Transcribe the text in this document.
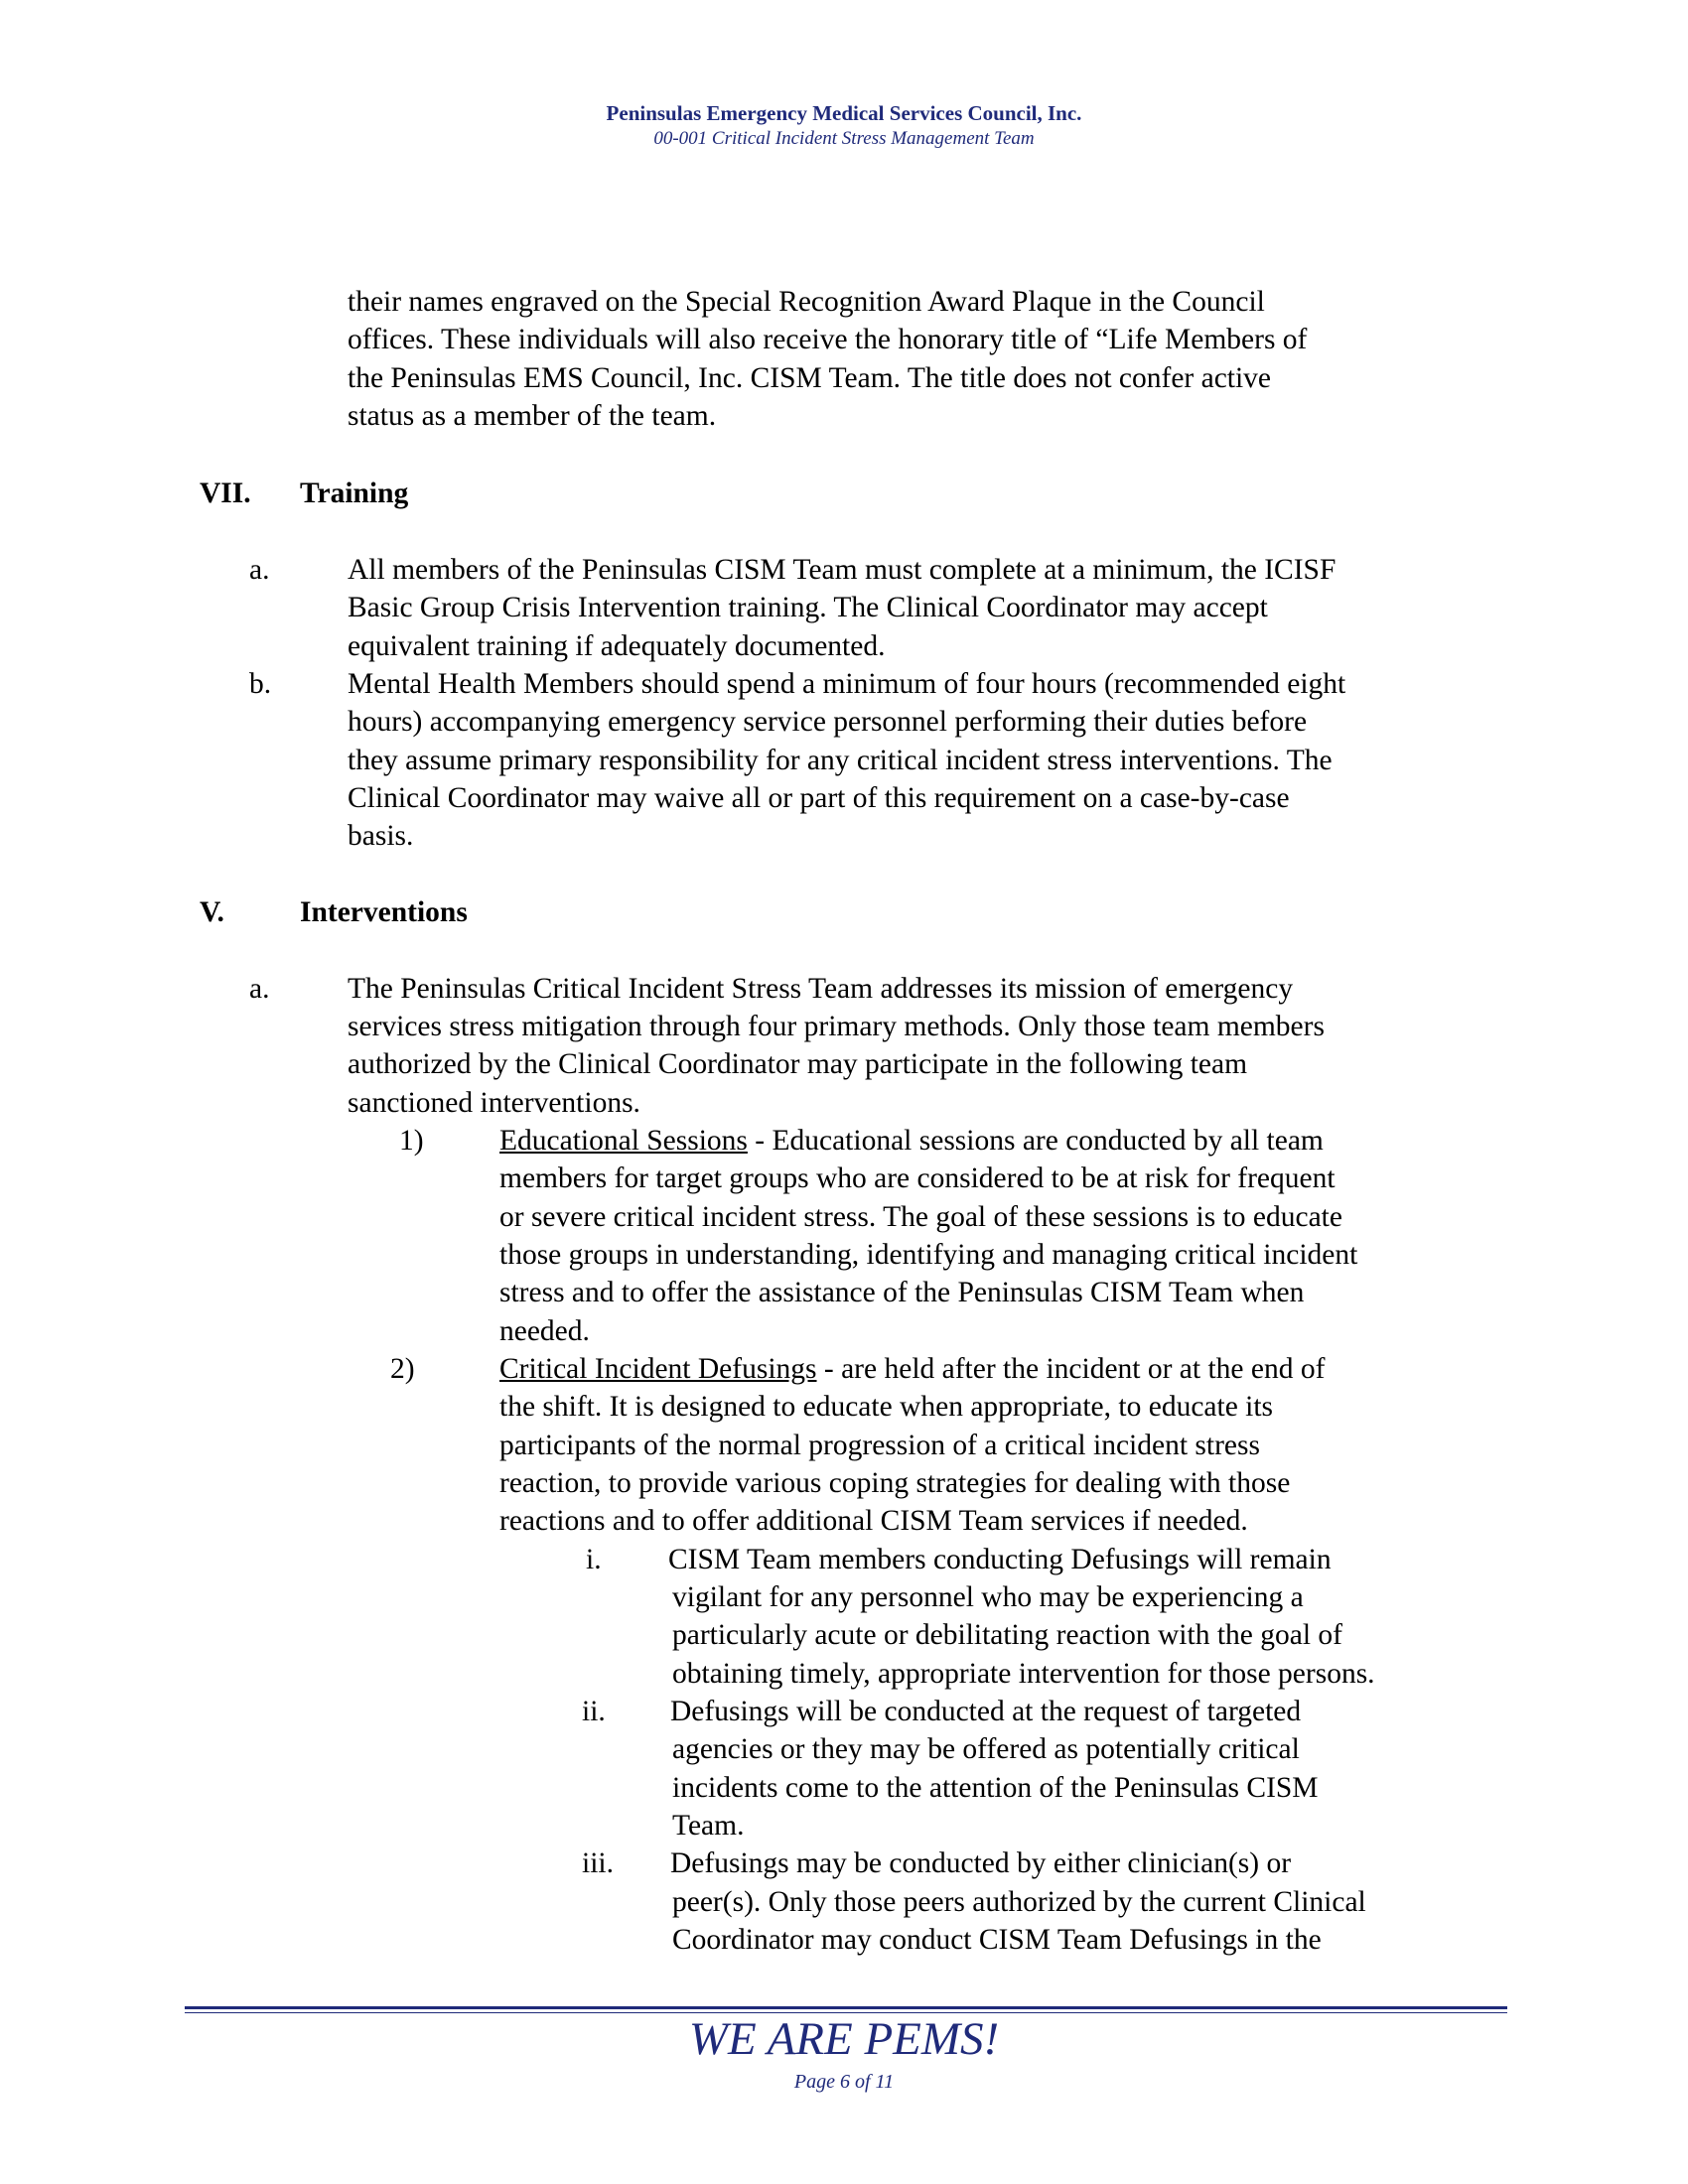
Peninsulas Emergency Medical Services Council, Inc.
00-001 Critical Incident Stress Management Team
their names engraved on the Special Recognition Award Plaque in the Council
offices. These individuals will also receive the honorary title of “Life Members of
the Peninsulas EMS Council, Inc. CISM Team. The title does not confer active
status as a member of the team.
VII. Training
a.	All members of the Peninsulas CISM Team must complete at a minimum, the ICISF
Basic Group Crisis Intervention training. The Clinical Coordinator may accept
equivalent training if adequately documented.
b.	Mental Health Members should spend a minimum of four hours (recommended eight
hours) accompanying emergency service personnel performing their duties before
they assume primary responsibility for any critical incident stress interventions. The
Clinical Coordinator may waive all or part of this requirement on a case-by-case
basis.
V.	Interventions
a.	The Peninsulas Critical Incident Stress Team addresses its mission of emergency
services stress mitigation through four primary methods. Only those team members
authorized by the Clinical Coordinator may participate in the following team
sanctioned interventions.
1)	Educational Sessions - Educational sessions are conducted by all team
members for target groups who are considered to be at risk for frequent
or severe critical incident stress. The goal of these sessions is to educate
those groups in understanding, identifying and managing critical incident
stress and to offer the assistance of the Peninsulas CISM Team when
needed.
2)	Critical Incident Defusings - are held after the incident or at the end of
the shift. It is designed to educate when appropriate, to educate its
participants of the normal progression of a critical incident stress
reaction, to provide various coping strategies for dealing with those
reactions and to offer additional CISM Team services if needed.
i. CISM Team members conducting Defusings will remain
vigilant for any personnel who may be experiencing a
particularly acute or debilitating reaction with the goal of
obtaining timely, appropriate intervention for those persons.
ii. Defusings will be conducted at the request of targeted
agencies or they may be offered as potentially critical
incidents come to the attention of the Peninsulas CISM
Team.
iii. Defusings may be conducted by either clinician(s) or
peer(s). Only those peers authorized by the current Clinical
Coordinator may conduct CISM Team Defusings in the
WE ARE PEMS!
Page 6 of 11
